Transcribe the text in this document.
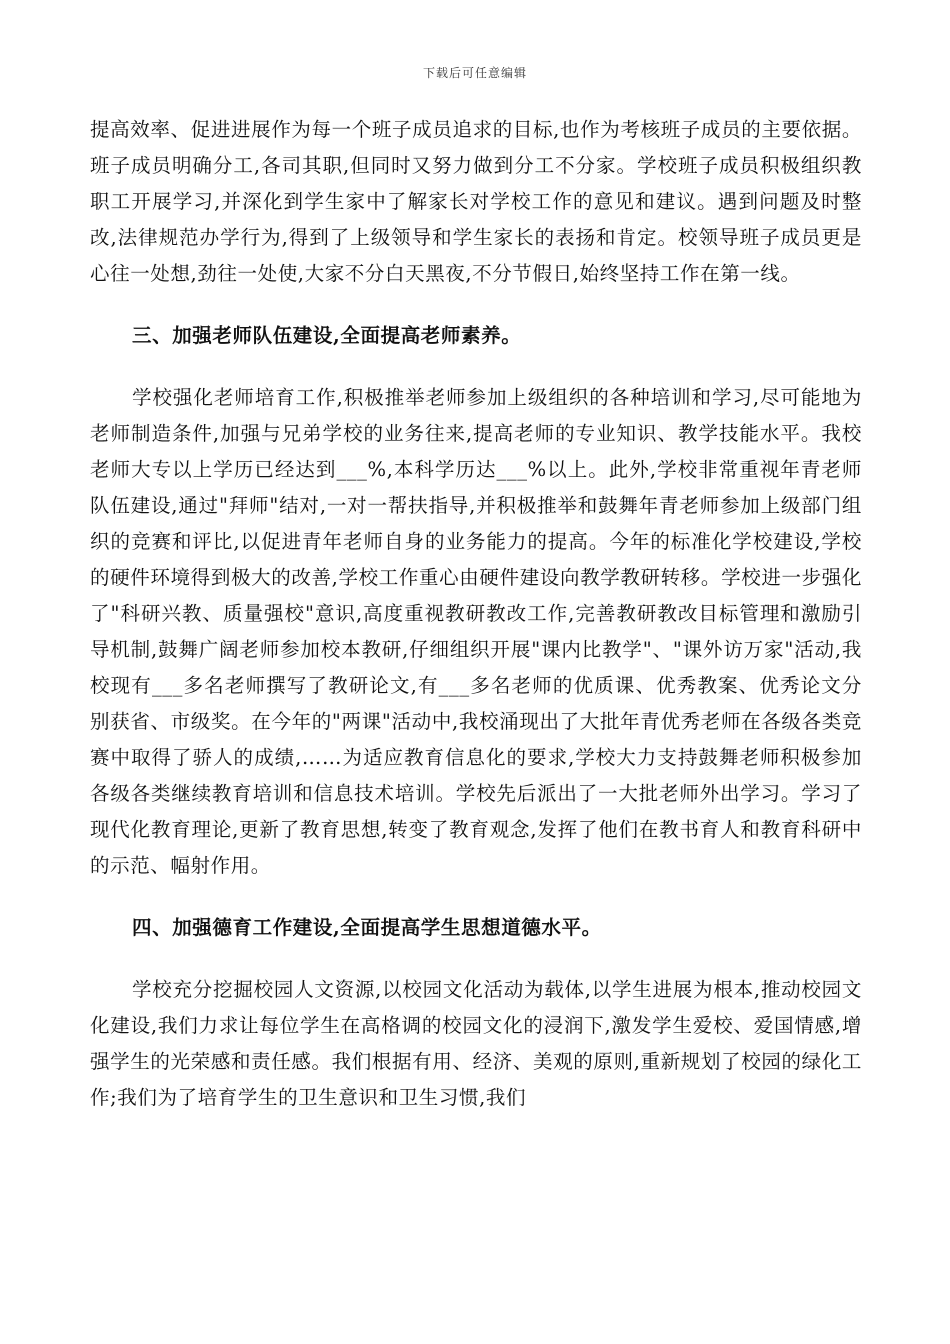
下载后可任意编辑

提高效率、促进进展作为每一个班子成员追求的目标,也作为考核班子成员的主要依据。班子成员明确分工,各司其职,但同时又努力做到分工不分家。学校班子成员积极组织教职工开展学习,并深化到学生家中了解家长对学校工作的意见和建议。遇到问题及时整改,法律规范办学行为,得到了上级领导和学生家长的表扬和肯定。校领导班子成员更是心往一处想,劲往一处使,大家不分白天黑夜,不分节假日,始终坚持工作在第一线。

三、加强老师队伍建设,全面提高老师素养。

学校强化老师培育工作,积极推举老师参加上级组织的各种培训和学习,尽可能地为老师制造条件,加强与兄弟学校的业务往来,提高老师的专业知识、教学技能水平。我校老师大专以上学历已经达到___%,本科学历达___%以上。此外,学校非常重视年青老师队伍建设,通过"拜师"结对,一对一帮扶指导,并积极推举和鼓舞年青老师参加上级部门组织的竞赛和评比,以促进青年老师自身的业务能力的提高。今年的标准化学校建设,学校的硬件环境得到极大的改善,学校工作重心由硬件建设向教学教研转移。学校进一步强化了"科研兴教、质量强校"意识,高度重视教研教改工作,完善教研教改目标管理和激励引导机制,鼓舞广阔老师参加校本教研,仔细组织开展"课内比教学"、"课外访万家"活动,我校现有___多名老师撰写了教研论文,有___多名老师的优质课、优秀教案、优秀论文分别获省、市级奖。在今年的"两课"活动中,我校涌现出了大批年青优秀老师在各级各类竞赛中取得了骄人的成绩,……为适应教育信息化的要求,学校大力支持鼓舞老师积极参加各级各类继续教育培训和信息技术培训。学校先后派出了一大批老师外出学习。学习了现代化教育理论,更新了教育思想,转变了教育观念,发挥了他们在教书育人和教育科研中的示范、幅射作用。

四、加强德育工作建设,全面提高学生思想道德水平。

学校充分挖掘校园人文资源,以校园文化活动为载体,以学生进展为根本,推动校园文化建设,我们力求让每位学生在高格调的校园文化的浸润下,激发学生爱校、爱国情感,增强学生的光荣感和责任感。我们根据有用、经济、美观的原则,重新规划了校园的绿化工作;我们为了培育学生的卫生意识和卫生习惯,我们
